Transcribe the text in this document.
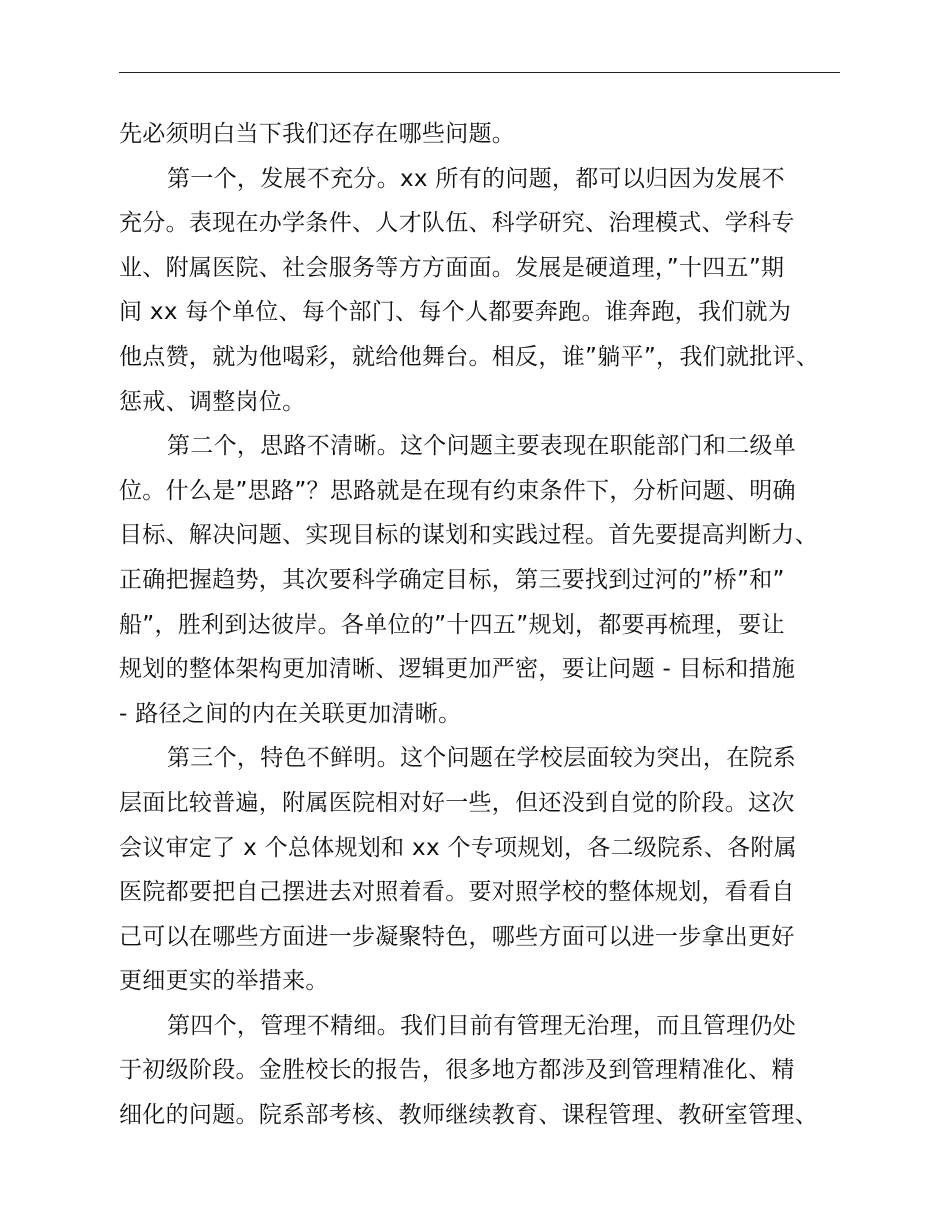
先必须明白当下我们还存在哪些问题。
第一个，发展不充分。xx 所有的问题，都可以归因为发展不
充分。表现在办学条件、人才队伍、科学研究、治理模式、学科专
业、附属医院、社会服务等方方面面。发展是硬道理，”十四五”期
间 xx 每个单位、每个部门、每个人都要奔跑。谁奔跑，我们就为
他点赞，就为他喝彩，就给他舞台。相反，谁”躺平”，我们就批评、
惩戒、调整岗位。
第二个，思路不清晰。这个问题主要表现在职能部门和二级单
位。什么是”思路”？思路就是在现有约束条件下，分析问题、明确
目标、解决问题、实现目标的谋划和实践过程。首先要提高判断力、
正确把握趋势，其次要科学确定目标，第三要找到过河的”桥”和”
船”，胜利到达彼岸。各单位的”十四五”规划，都要再梳理，要让
规划的整体架构更加清晰、逻辑更加严密，要让问题 - 目标和措施
- 路径之间的内在关联更加清晰。
第三个，特色不鲜明。这个问题在学校层面较为突出，在院系
层面比较普遍，附属医院相对好一些，但还没到自觉的阶段。这次
会议审定了 x 个总体规划和 xx 个专项规划，各二级院系、各附属
医院都要把自己摆进去对照着看。要对照学校的整体规划，看看自
己可以在哪些方面进一步凝聚特色，哪些方面可以进一步拿出更好
更细更实的举措来。
第四个，管理不精细。我们目前有管理无治理，而且管理仍处
于初级阶段。金胜校长的报告，很多地方都涉及到管理精准化、精
细化的问题。院系部考核、教师继续教育、课程管理、教研室管理、
